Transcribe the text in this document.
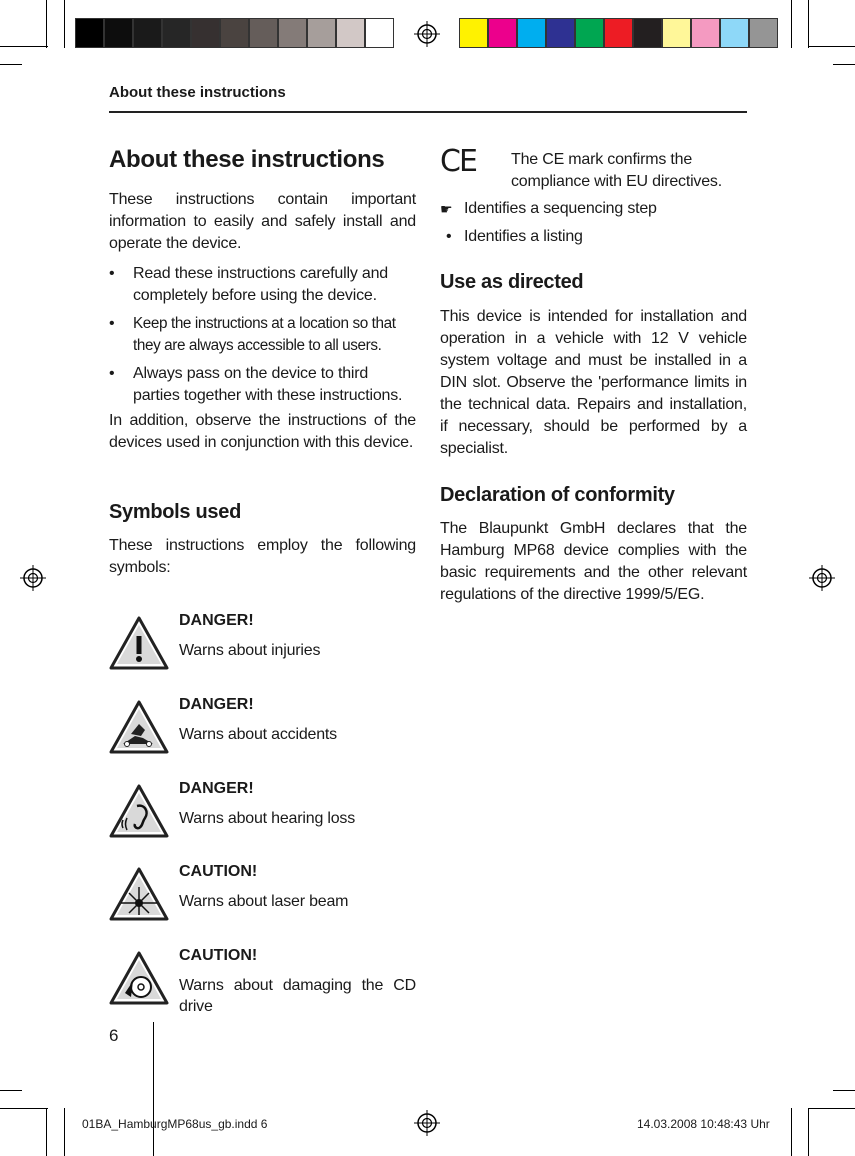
About these instructions
About these instructions

These instructions contain important information to easily and safely install and operate the device.

•	Read these instructions carefully and completely before using the device.
•	Keep the instructions at a location so that they are always accessible to all users.
•	Always pass on the device to third parties together with these instructions.

In addition, observe the instructions of the devices used in conjunction with this device.

Symbols used

These instructions employ the following symbols:

DANGER!
Warns about injuries
DANGER!
Warns about accidents
DANGER!
Warns about hearing loss
CAUTION!
Warns about laser beam
CAUTION!
Warns about damaging the CD drive
6
CE The CE mark confirms the compliance with EU directives.

☛ Identifies a sequencing step
• Identifies a listing
Use as directed

This device is intended for installation and operation in a vehicle with 12 V vehicle system voltage and must be installed in a DIN slot. Observe the 'performance limits in the technical data. Repairs and installation, if necessary, should be performed by a specialist.

Declaration of conformity

The Blaupunkt GmbH declares that the Hamburg MP68 device complies with the basic requirements and the other relevant regulations of the directive 1999/5/EG.

01BA_HamburgMP68us_gb.indd 6	14.03.2008 10:48:43 Uhr
